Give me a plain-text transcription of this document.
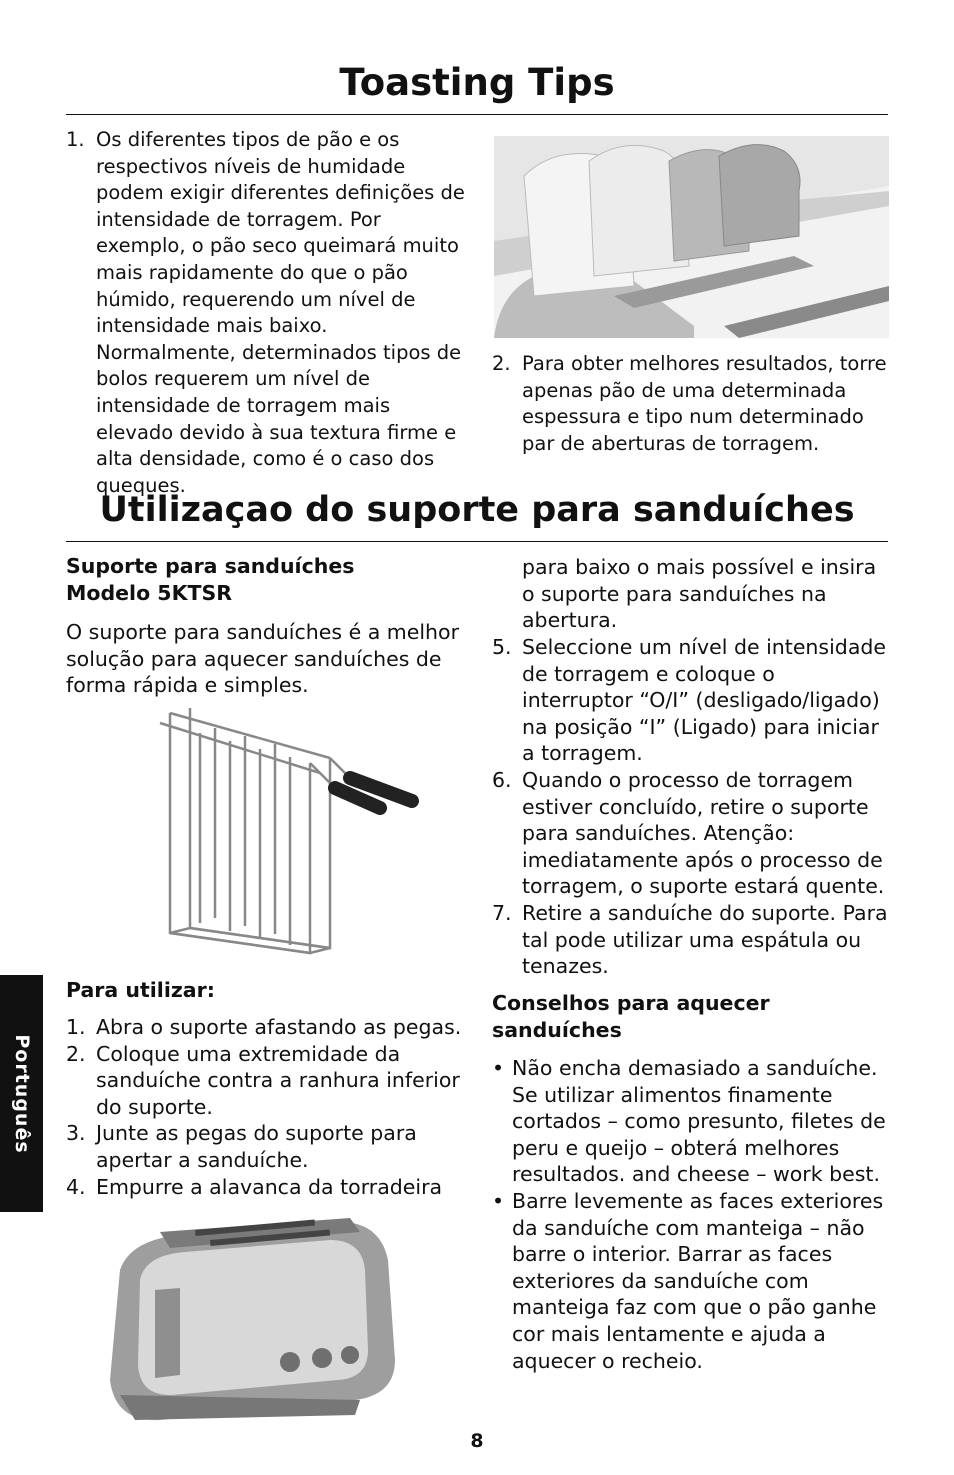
Toasting Tips
1. Os diferentes tipos de pão e os respectivos níveis de humidade podem exigir diferentes definições de intensidade de torragem. Por exemplo, o pão seco queimará muito mais rapidamente do que o pão húmido, requerendo um nível de intensidade mais baixo. Normalmente, determinados tipos de bolos requerem um nível de intensidade de torragem mais elevado devido à sua textura firme e alta densidade, como é o caso dos queques.
2. Para obter melhores resultados, torre apenas pão de uma determinada espessura e tipo num determinado par de aberturas de torragem.
Utilizaçao do suporte para sanduíches
Suporte para sanduíches
Modelo 5KTSR
O suporte para sanduíches é a melhor solução para aquecer sanduíches de forma rápida e simples.
Para utilizar:
1. Abra o suporte afastando as pegas.
2. Coloque uma extremidade da sanduíche contra a ranhura inferior do suporte.
3. Junte as pegas do suporte para apertar a sanduíche.
4. Empurre a alavanca da torradeira
para baixo o mais possível e insira o suporte para sanduíches na abertura.
5. Seleccione um nível de intensidade de torragem e coloque o interruptor “O/I” (desligado/ligado) na posição “I” (Ligado) para iniciar a torragem.
6. Quando o processo de torragem estiver concluído, retire o suporte para sanduíches. Atenção: imediatamente após o processo de torragem, o suporte estará quente.
7. Retire a sanduíche do suporte. Para tal pode utilizar uma espátula ou tenazes.
Conselhos para aquecer
sanduíches
• Não encha demasiado a sanduíche. Se utilizar alimentos finamente cortados – como presunto, filetes de peru e queijo – obterá melhores resultados. and cheese – work best.
• Barre levemente as faces exteriores da sanduíche com manteiga – não barre o interior. Barrar as faces exteriores da sanduíche com manteiga faz com que o pão ganhe cor mais lentamente e ajuda a aquecer o recheio.
Português
8
